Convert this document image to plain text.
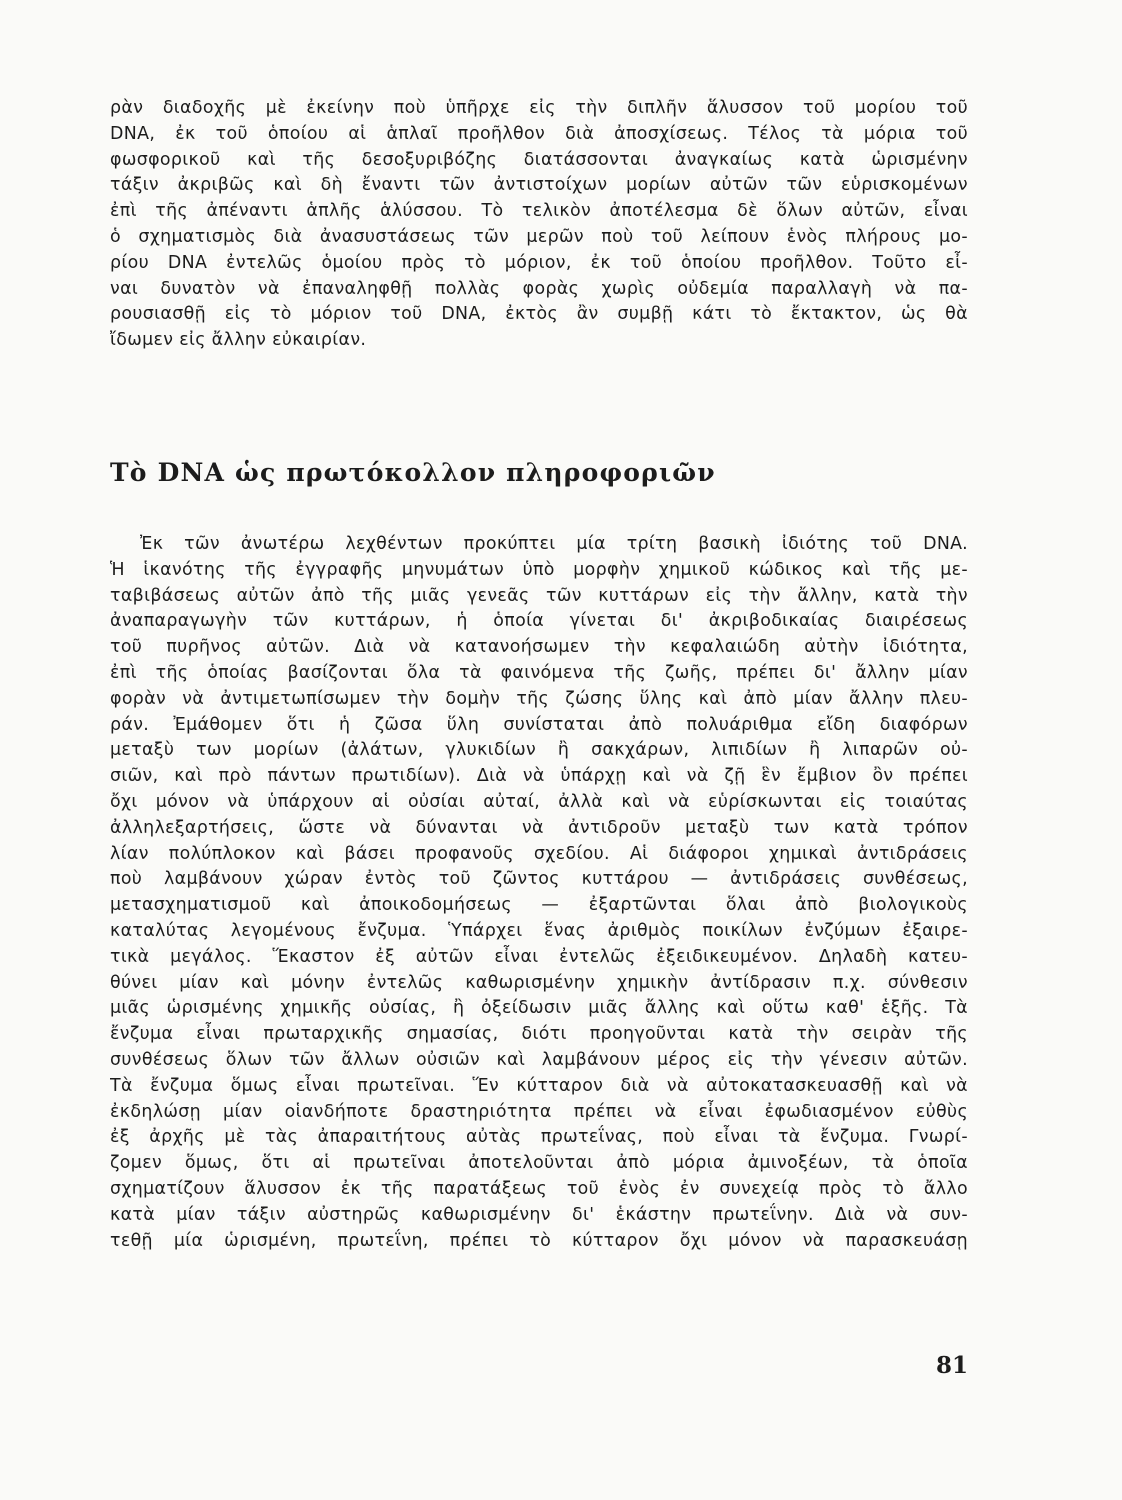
ρὰν διαδοχῆς μὲ ἐκείνην ποὺ ὑπῆρχε εἰς τὴν διπλῆν ἅλυσσον τοῦ μορίου τοῦ
DNA, ἐκ τοῦ ὁποίου αἱ ἁπλαῖ προῆλθον διὰ ἀποσχίσεως. Τέλος τὰ μόρια τοῦ
φωσφορικοῦ καὶ τῆς δεσοξυριβόζης διατάσσονται ἀναγκαίως κατὰ ὡρισμένην
τάξιν ἀκριβῶς καὶ δὴ ἔναντι τῶν ἀντιστοίχων μορίων αὐτῶν τῶν εὑρισκομένων
ἐπὶ τῆς ἀπέναντι ἁπλῆς ἁλύσσου. Τὸ τελικὸν ἀποτέλεσμα δὲ ὅλων αὐτῶν, εἶναι
ὁ σχηματισμὸς διὰ ἀνασυστάσεως τῶν μερῶν ποὺ τοῦ λείπουν ἑνὸς πλήρους μο-
ρίου DNA ἐντελῶς ὁμοίου πρὸς τὸ μόριον, ἐκ τοῦ ὁποίου προῆλθον. Τοῦτο εἶ-
ναι δυνατὸν νὰ ἐπαναληφθῇ πολλὰς φορὰς χωρὶς οὐδεμία παραλλαγὴ νὰ πα-
ρουσιασθῇ εἰς τὸ μόριον τοῦ DNA, ἐκτὸς ἂν συμβῇ κάτι τὸ ἔκτακτον, ὡς θὰ
ἴδωμεν εἰς ἄλλην εὐκαιρίαν.
Τὸ DNA ὡς πρωτόκολλον πληροφοριῶν
Ἐκ τῶν ἀνωτέρω λεχθέντων προκύπτει μία τρίτη βασικὴ ἰδιότης τοῦ DNA.
Ἡ ἱκανότης τῆς ἐγγραφῆς μηνυμάτων ὑπὸ μορφὴν χημικοῦ κώδικος καὶ τῆς με-
ταβιβάσεως αὐτῶν ἀπὸ τῆς μιᾶς γενεᾶς τῶν κυττάρων εἰς τὴν ἄλλην, κατὰ τὴν
ἀναπαραγωγὴν τῶν κυττάρων, ἡ ὁποία γίνεται δι' ἀκριβοδικαίας διαιρέσεως
τοῦ πυρῆνος αὐτῶν. Διὰ νὰ κατανοήσωμεν τὴν κεφαλαιώδη αὐτὴν ἰδιότητα,
ἐπὶ τῆς ὁποίας βασίζονται ὅλα τὰ φαινόμενα τῆς ζωῆς, πρέπει δι' ἄλλην μίαν
φορὰν νὰ ἀντιμετωπίσωμεν τὴν δομὴν τῆς ζώσης ὕλης καὶ ἀπὸ μίαν ἄλλην πλευ-
ράν. Ἐμάθομεν ὅτι ἡ ζῶσα ὕλη συνίσταται ἀπὸ πολυάριθμα εἴδη διαφόρων
μεταξὺ των μορίων (ἀλάτων, γλυκιδίων ἢ σακχάρων, λιπιδίων ἢ λιπαρῶν οὐ-
σιῶν, καὶ πρὸ πάντων πρωτιδίων). Διὰ νὰ ὑπάρχῃ καὶ νὰ ζῇ ἓν ἔμβιον ὂν πρέπει
ὄχι μόνον νὰ ὑπάρχουν αἱ οὐσίαι αὐταί, ἀλλὰ καὶ νὰ εὑρίσκωνται εἰς τοιαύτας
ἀλληλεξαρτήσεις, ὥστε νὰ δύνανται νὰ ἀντιδροῦν μεταξὺ των κατὰ τρόπον
λίαν πολύπλοκον καὶ βάσει προφανοῦς σχεδίου. Αἱ διάφοροι χημικαὶ ἀντιδράσεις
ποὺ λαμβάνουν χώραν ἐντὸς τοῦ ζῶντος κυττάρου — ἀντιδράσεις συνθέσεως,
μετασχηματισμοῦ καὶ ἀποικοδομήσεως — ἐξαρτῶνται ὅλαι ἀπὸ βιολογικοὺς
καταλύτας λεγομένους ἔνζυμα. Ὑπάρχει ἕνας ἀριθμὸς ποικίλων ἐνζύμων ἐξαιρε-
τικὰ μεγάλος. Ἕκαστον ἐξ αὐτῶν εἶναι ἐντελῶς ἐξειδικευμένον. Δηλαδὴ κατευ-
θύνει μίαν καὶ μόνην ἐντελῶς καθωρισμένην χημικὴν ἀντίδρασιν π.χ. σύνθεσιν
μιᾶς ὡρισμένης χημικῆς οὐσίας, ἢ ὀξείδωσιν μιᾶς ἄλλης καὶ οὕτω καθ' ἑξῆς. Τὰ
ἔνζυμα εἶναι πρωταρχικῆς σημασίας, διότι προηγοῦνται κατὰ τὴν σειρὰν τῆς
συνθέσεως ὅλων τῶν ἄλλων οὐσιῶν καὶ λαμβάνουν μέρος εἰς τὴν γένεσιν αὐτῶν.
Τὰ ἔνζυμα ὅμως εἶναι πρωτεῖναι. Ἕν κύτταρον διὰ νὰ αὐτοκατασκευασθῇ καὶ νὰ
ἐκδηλώσῃ μίαν οἱανδήποτε δραστηριότητα πρέπει νὰ εἶναι ἐφωδιασμένον εὐθὺς
ἐξ ἀρχῆς μὲ τὰς ἀπαραιτήτους αὐτὰς πρωτεΐνας, ποὺ εἶναι τὰ ἔνζυμα. Γνωρί-
ζομεν ὅμως, ὅτι αἱ πρωτεῖναι ἀποτελοῦνται ἀπὸ μόρια ἀμινοξέων, τὰ ὁποῖα
σχηματίζουν ἅλυσσον ἐκ τῆς παρατάξεως τοῦ ἑνὸς ἐν συνεχείᾳ πρὸς τὸ ἄλλο
κατὰ μίαν τάξιν αὐστηρῶς καθωρισμένην δι' ἑκάστην πρωτεΐνην. Διὰ νὰ συν-
τεθῇ μία ὡρισμένη, πρωτεΐνη, πρέπει τὸ κύτταρον ὄχι μόνον νὰ παρασκευάσῃ
81
